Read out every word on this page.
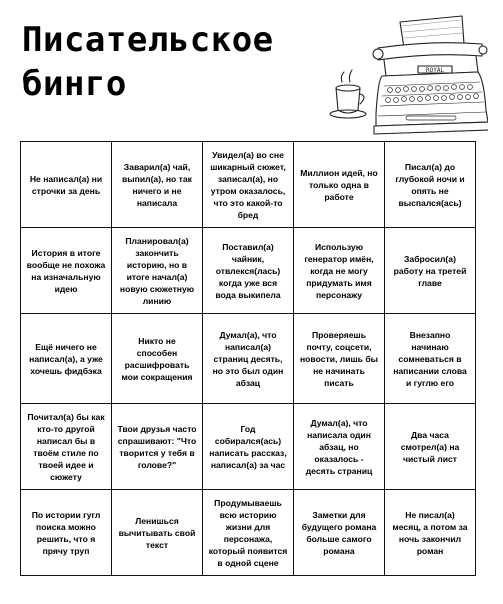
Писательское
бинго	ROYAL
Не написал(а) ни строчки за день	Заварил(а) чай, выпил(а), но так ничего и не написала	Увидел(а) во сне шикарный сюжет, записал(а), но утром оказалось, что это какой-то бред	Миллион идей, но только одна в работе	Писал(а) до глубокой ночи и опять не выспался(ась)
История в итоге вообще не похожа на изначальную идею	Планировал(а) закончить историю, но в итоге начал(а) новую сюжетную линию	Поставил(а) чайник, отвлекся(лась) когда уже вся вода выкипела	Использую генератор имён, когда не могу придумать имя персонажу	Забросил(а) работу на третей главе
Ещё ничего не написал(а), а уже хочешь фидбэка	Никто не способен расшифровать мои сокращения	Думал(а), что написал(а) страниц десять, но это был один абзац	Проверяешь почту, соцсети, новости, лишь бы не начинать писать	Внезапно начинаю сомневаться в написании слова и гуглю его
Почитал(а) бы как кто-то другой написал бы в твоём стиле по твоей идее и сюжету	Твои друзья часто спрашивают: "Что творится у тебя в голове?"	Год собирался(ась) написать рассказ, написал(а) за час	Думал(а), что написала один абзац, но оказалось - десять страниц	Два часа смотрел(а) на чистый лист
По истории гугл поиска можно решить, что я прячу труп	Ленишься вычитывать свой текст	Продумываешь всю историю жизни для персонажа, который появится в одной сцене	Заметки для будущего романа больше самого романа	Не писал(а) месяц, а потом за ночь закончил роман
